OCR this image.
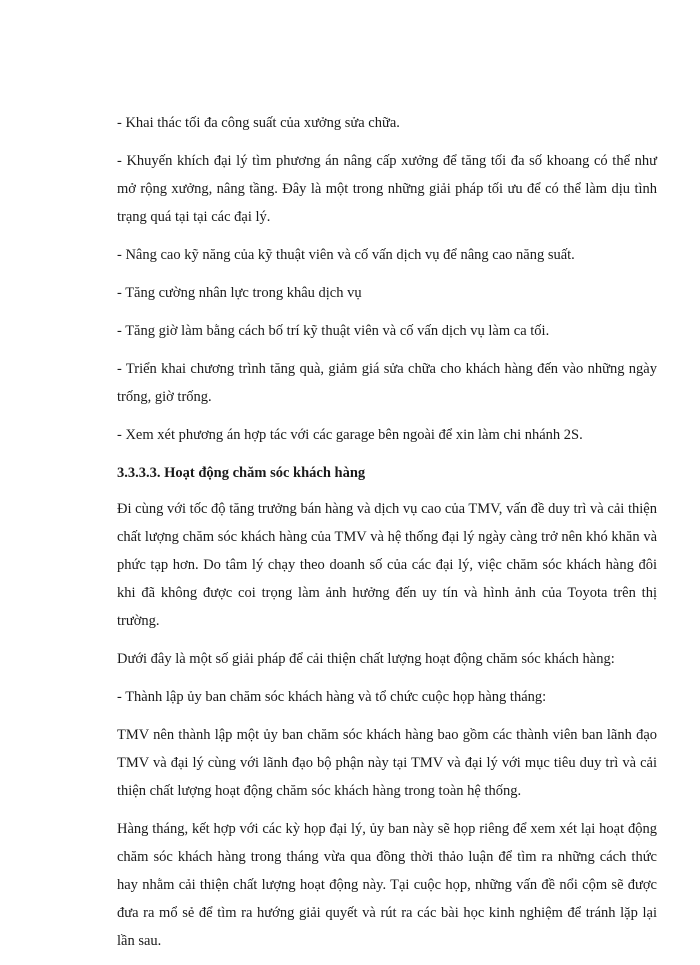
- Khai thác tối đa công suất của xưởng sửa chữa.

- Khuyến khích đại lý tìm phương án nâng cấp xưởng để tăng tối đa số khoang có thể như mở rộng xưởng, nâng tầng. Đây là một trong những giải pháp tối ưu để có thể làm dịu tình trạng quá tại tại các đại lý.

- Nâng cao kỹ năng của kỹ thuật viên và cố vấn dịch vụ để nâng cao năng suất.

- Tăng cường nhân lực trong khâu dịch vụ

- Tăng giờ làm bằng cách bố trí kỹ thuật viên và cố vấn dịch vụ làm ca tối.

- Triển khai chương trình tăng quà, giảm giá sửa chữa cho khách hàng đến vào những ngày trống, giờ trống.

- Xem xét phương án hợp tác với các garage bên ngoài để xin làm chi nhánh 2S.

3.3.3.3. Hoạt động chăm sóc khách hàng

Đi cùng với tốc độ tăng trưởng bán hàng và dịch vụ cao của TMV, vấn đề duy trì và cải thiện chất lượng chăm sóc khách hàng của TMV và hệ thống đại lý ngày càng trở nên khó khăn và phức tạp hơn. Do tâm lý chạy theo doanh số của các đại lý, việc chăm sóc khách hàng đôi khi đã không được coi trọng làm ảnh hưởng đến uy tín và hình ảnh của Toyota trên thị trường.

Dưới đây là một số giải pháp để cải thiện chất lượng hoạt động chăm sóc khách hàng:

- Thành lập ủy ban chăm sóc khách hàng và tổ chức cuộc họp hàng tháng:

TMV nên thành lập một ủy ban chăm sóc khách hàng bao gồm các thành viên ban lãnh đạo TMV và đại lý cùng với lãnh đạo bộ phận này tại TMV và đại lý với mục tiêu duy trì và cải thiện chất lượng hoạt động chăm sóc khách hàng trong toàn hệ thống.

Hàng tháng, kết hợp với các kỳ họp đại lý, ủy ban này sẽ họp riêng để xem xét lại hoạt động chăm sóc khách hàng trong tháng vừa qua đồng thời thảo luận để tìm ra những cách thức hay nhằm cải thiện chất lượng hoạt động này. Tại cuộc họp, những vấn đề nổi cộm sẽ được đưa ra mổ sẻ để tìm ra hướng giải quyết và rút ra các bài học kinh nghiệm để tránh lặp lại lần sau.
